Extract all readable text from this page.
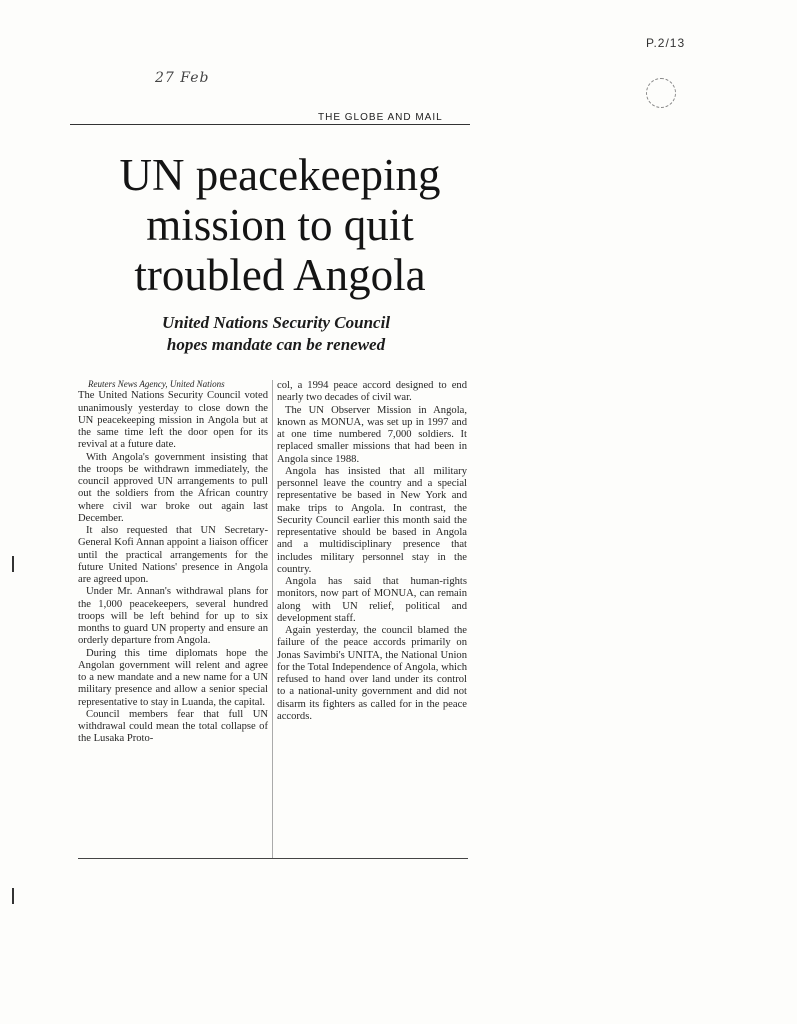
P.2/13
27 Feb
THE GLOBE AND MAIL
UN peacekeeping
mission to quit
troubled Angola
United Nations Security Council
hopes mandate can be renewed
Reuters News Agency, United Nations

The United Nations Security Council voted unanimously yesterday to close down the UN peacekeeping mission in Angola but at the same time left the door open for its revival at a future date.

With Angola's government insisting that the troops be withdrawn immediately, the council approved UN arrangements to pull out the soldiers from the African country where civil war broke out again last December.

It also requested that UN Secretary-General Kofi Annan appoint a liaison officer until the practical arrangements for the future United Nations' presence in Angola are agreed upon.

Under Mr. Annan's withdrawal plans for the 1,000 peacekeepers, several hundred troops will be left behind for up to six months to guard UN property and ensure an orderly departure from Angola.

During this time diplomats hope the Angolan government will relent and agree to a new mandate and a new name for a UN military presence and allow a senior special representative to stay in Luanda, the capital.

Council members fear that full UN withdrawal could mean the total collapse of the Lusaka Proto-

col, a 1994 peace accord designed to end nearly two decades of civil war.

The UN Observer Mission in Angola, known as MONUA, was set up in 1997 and at one time numbered 7,000 soldiers. It replaced smaller missions that had been in Angola since 1988.

Angola has insisted that all military personnel leave the country and a special representative be based in New York and make trips to Angola. In contrast, the Security Council earlier this month said the representative should be based in Angola and a multidisciplinary presence that includes military personnel stay in the country.

Angola has said that human-rights monitors, now part of MONUA, can remain along with UN relief, political and development staff.

Again yesterday, the council blamed the failure of the peace accords primarily on Jonas Savimbi's UNITA, the National Union for the Total Independence of Angola, which refused to hand over land under its control to a national-unity government and did not disarm its fighters as called for in the peace accords.
